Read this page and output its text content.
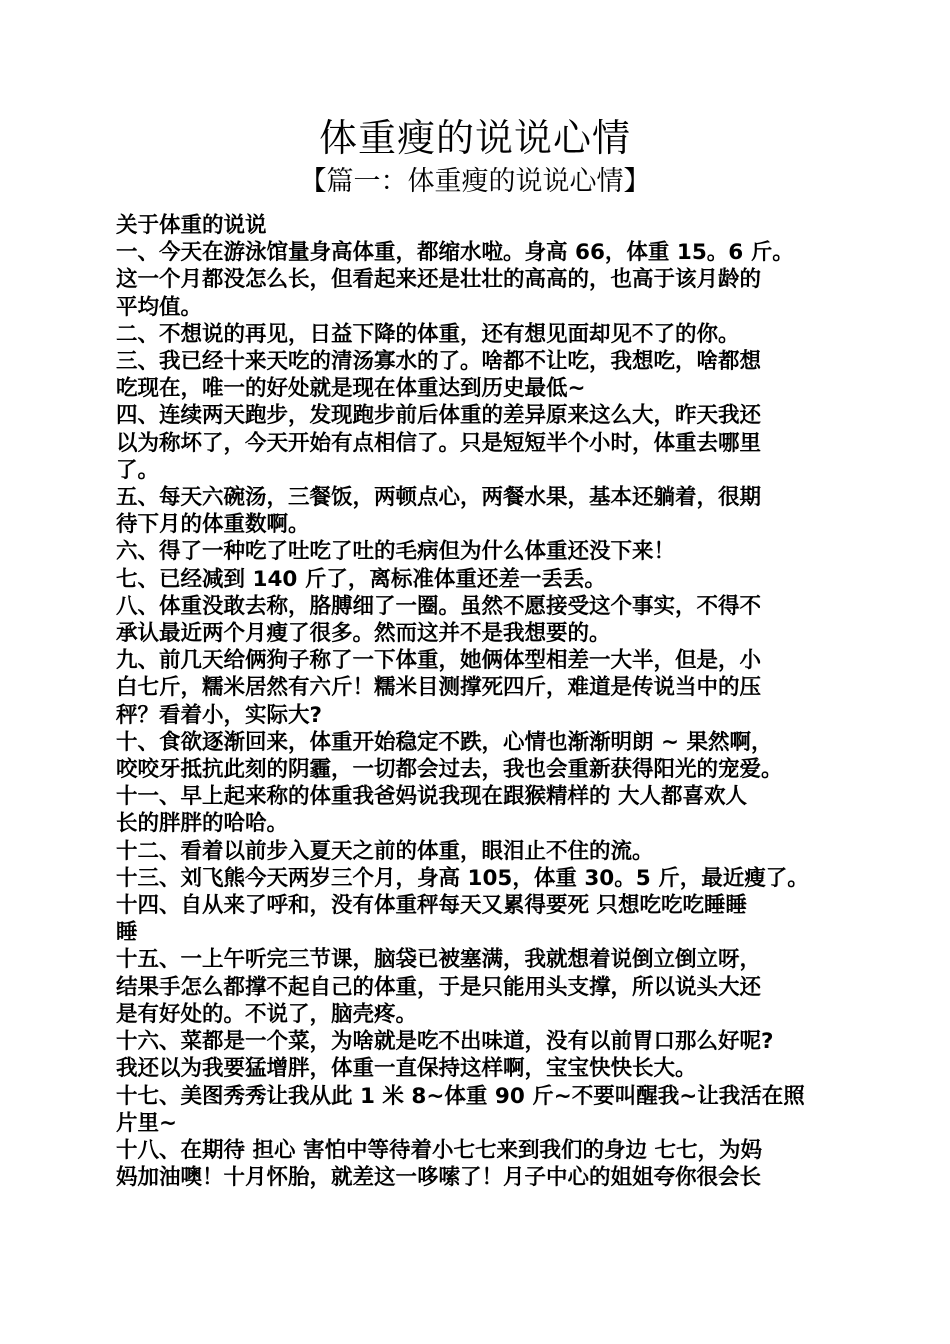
体重瘦的说说心情
【篇一：体重瘦的说说心情】
关于体重的说说
一、今天在游泳馆量身高体重，都缩水啦。身高 66，体重 15。6 斤。
这一个月都没怎么长，但看起来还是壮壮的高高的，也高于该月龄的
平均值。
二、不想说的再见，日益下降的体重，还有想见面却见不了的你。
三、我已经十来天吃的清汤寡水的了。啥都不让吃，我想吃，啥都想
吃现在，唯一的好处就是现在体重达到历史最低~
四、连续两天跑步，发现跑步前后体重的差异原来这么大，昨天我还
以为称坏了，今天开始有点相信了。只是短短半个小时，体重去哪里
了。
五、每天六碗汤，三餐饭，两顿点心，两餐水果，基本还躺着，很期
待下月的体重数啊。
六、得了一种吃了吐吃了吐的毛病但为什么体重还没下来！
七、已经减到 140 斤了，离标准体重还差一丢丢。
八、体重没敢去称，胳膊细了一圈。虽然不愿接受这个事实，不得不
承认最近两个月瘦了很多。然而这并不是我想要的。
九、前几天给俩狗子称了一下体重，她俩体型相差一大半，但是，小
白七斤，糯米居然有六斤！糯米目测撑死四斤，难道是传说当中的压
秤？看着小，实际大?
十、食欲逐渐回来，体重开始稳定不跌，心情也渐渐明朗 ~ 果然啊，
咬咬牙抵抗此刻的阴霾，一切都会过去，我也会重新获得阳光的宠爱。
十一、早上起来称的体重我爸妈说我现在跟猴精样的 大人都喜欢人
长的胖胖的哈哈。
十二、看着以前步入夏天之前的体重，眼泪止不住的流。
十三、刘飞熊今天两岁三个月，身高 105，体重 30。5 斤，最近瘦了。
十四、自从来了呼和，没有体重秤每天又累得要死 只想吃吃吃睡睡
睡
十五、一上午听完三节课，脑袋已被塞满，我就想着说倒立倒立呀，
结果手怎么都撑不起自己的体重，于是只能用头支撑，所以说头大还
是有好处的。不说了，脑壳疼。
十六、菜都是一个菜，为啥就是吃不出味道，没有以前胃口那么好呢?
我还以为我要猛增胖，体重一直保持这样啊，宝宝快快长大。
十七、美图秀秀让我从此 1 米 8~体重 90 斤~不要叫醒我~让我活在照
片里~
十八、在期待 担心 害怕中等待着小七七来到我们的身边 七七，为妈
妈加油噢！十月怀胎，就差这一哆嗦了！月子中心的姐姐夸你很会长
